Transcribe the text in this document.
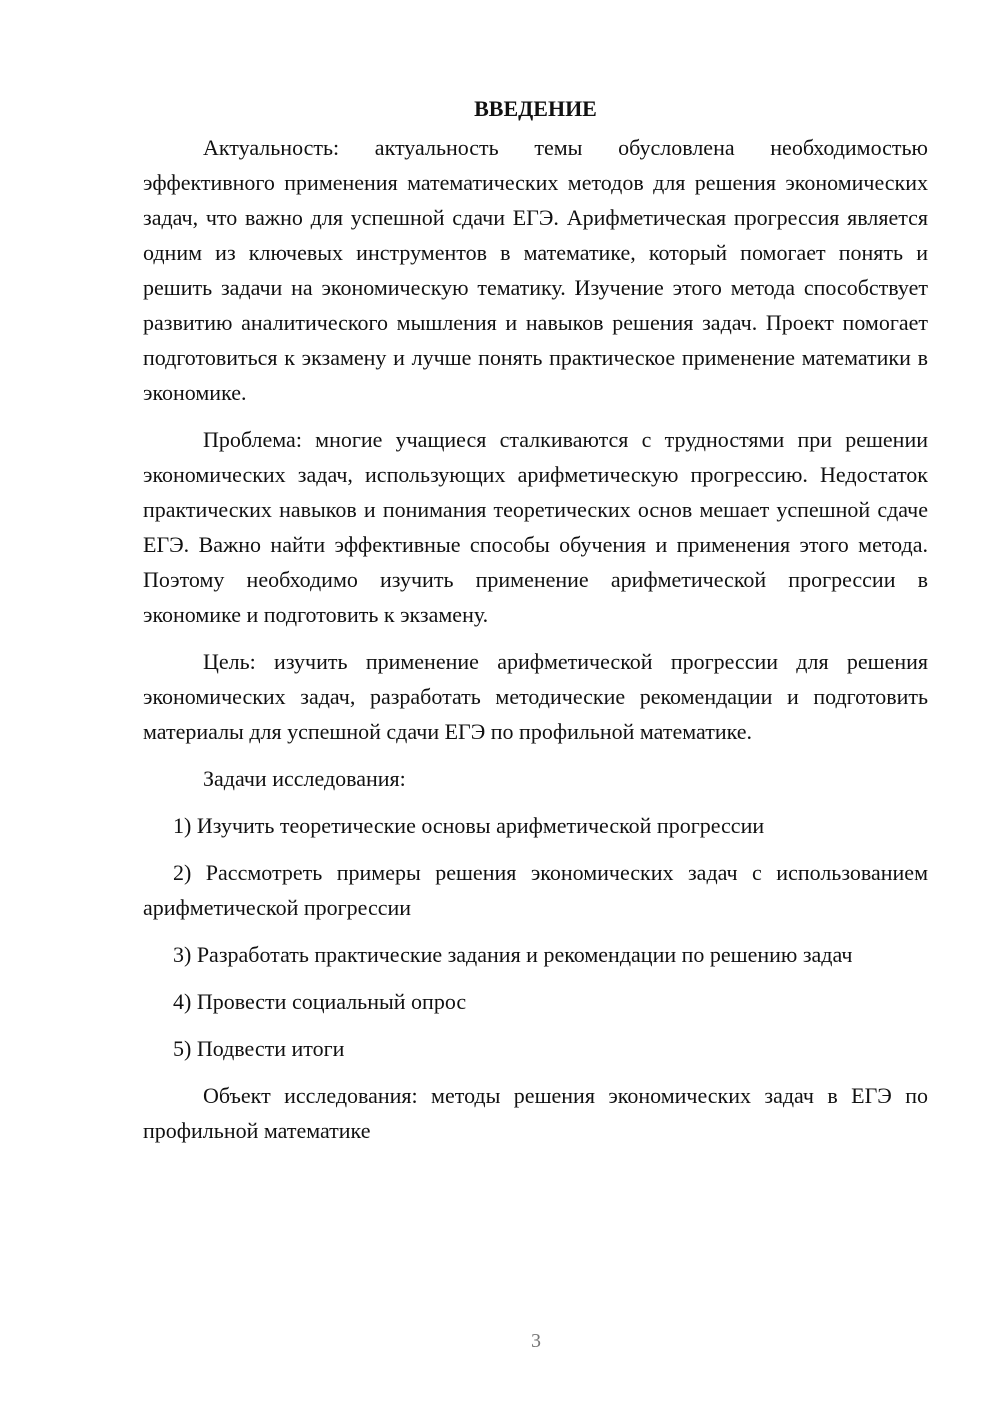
ВВЕДЕНИЕ

Актуальность: актуальность темы обусловлена необходимостью эффективного применения математических методов для решения экономических задач, что важно для успешной сдачи ЕГЭ. Арифметическая прогрессия является одним из ключевых инструментов в математике, который помогает понять и решить задачи на экономическую тематику. Изучение этого метода способствует развитию аналитического мышления и навыков решения задач. Проект помогает подготовиться к экзамену и лучше понять практическое применение математики в экономике.

Проблема: многие учащиеся сталкиваются с трудностями при решении экономических задач, использующих арифметическую прогрессию. Недостаток практических навыков и понимания теоретических основ мешает успешной сдаче ЕГЭ. Важно найти эффективные способы обучения и применения этого метода. Поэтому необходимо изучить применение арифметической прогрессии в экономике и подготовить к экзамену.

Цель: изучить применение арифметической прогрессии для решения экономических задач, разработать методические рекомендации и подготовить материалы для успешной сдачи ЕГЭ по профильной математике.

Задачи исследования:

1) Изучить теоретические основы арифметической прогрессии

2) Рассмотреть примеры решения экономических задач с использованием арифметической прогрессии

3) Разработать практические задания и рекомендации по решению задач

4) Провести социальный опрос

5) Подвести итоги

Объект исследования: методы решения экономических задач в ЕГЭ по профильной математике

3
